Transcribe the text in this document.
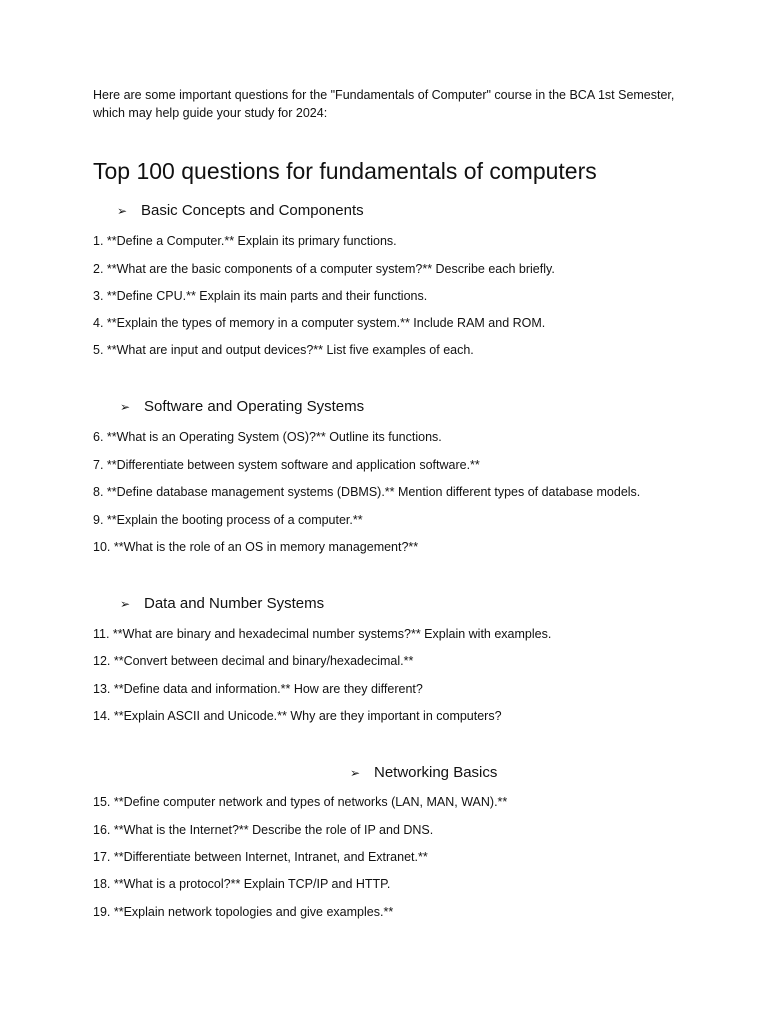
Here are some important questions for the "Fundamentals of Computer" course in the BCA 1st Semester, which may help guide your study for 2024:

Top 100 questions for fundamentals of computers
➢ Basic Concepts and Components

1. **Define a Computer.** Explain its primary functions.

2. **What are the basic components of a computer system?** Describe each briefly.

3. **Define CPU.** Explain its main parts and their functions.

4. **Explain the types of memory in a computer system.** Include RAM and ROM.

5. **What are input and output devices?** List five examples of each.

➢ Software and Operating Systems

6. **What is an Operating System (OS)?** Outline its functions.

7. **Differentiate between system software and application software.**

8. **Define database management systems (DBMS).** Mention different types of database models.

9. **Explain the booting process of a computer.**

10. **What is the role of an OS in memory management?**

➢ Data and Number Systems

11. **What are binary and hexadecimal number systems?** Explain with examples.

12. **Convert between decimal and binary/hexadecimal.**

13. **Define data and information.** How are they different?

14. **Explain ASCII and Unicode.** Why are they important in computers?

➢ Networking Basics

15. **Define computer network and types of networks (LAN, MAN, WAN).**

16. **What is the Internet?** Describe the role of IP and DNS.

17. **Differentiate between Internet, Intranet, and Extranet.**

18. **What is a protocol?** Explain TCP/IP and HTTP.

19. **Explain network topologies and give examples.**
